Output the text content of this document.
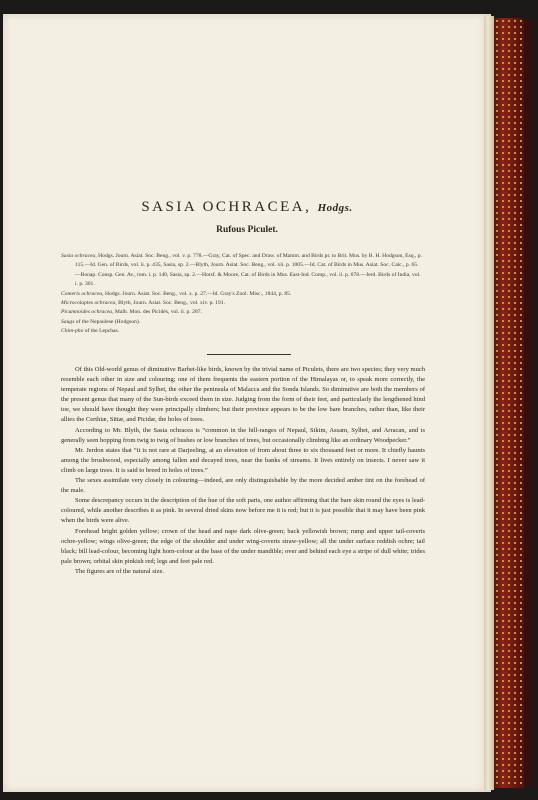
SASIA OCHRACEA, Hodgs.
Rufous Piculet.
Sasia ochracea, Hodgs. Journ. Asiat. Soc. Beng., vol. v. p. 778.—Gray, Cat. of Spec. and Draw. of Mamm. and Birds pr. to Brit. Mus. by B. H. Hodgson, Esq., p. 115.—Id. Gen. of Birds, vol. ii. p. 435, Sasia, sp. 2.—Blyth, Journ. Asiat. Soc. Beng., vol. xii. p. 1005.—Id. Cat. of Birds in Mus. Asiat. Soc. Calc., p. 65.—Bonap. Consp. Gen. Av., tom. i. p. 140, Sasia, sp. 2.—Horsf. & Moore, Cat. of Birds in Mus. East-Ind. Comp., vol. ii. p. 678.—Jerd. Birds of India, vol. i. p. 301.
Comeris ochracea, Hodgs. Journ. Asiat. Soc. Beng., vol. x. p. 27.—Id. Gray's Zool. Misc., 1844, p. 85.
Microcolaptes ochracea, Blyth, Journ. Asiat. Soc. Beng., vol. xiv. p. 191.
Picumnoides ochracea, Malh. Mon. des Picidés, vol. ii. p. 287.
Saugs of the Nepaulese (Hodgson).
Chim-pho of the Lepchas.

Of this Old-world genus of diminutive Barbet-like birds, known by the trivial name of Piculets, there are two species; they very much resemble each other in size and colouring; one of them frequents the eastern portion of the Himalayas or, to speak more correctly, the temperate regions of Nepaul and Sylhet, the other the peninsula of Malacca and the Sonda Islands. So diminutive are both the members of the present genus that many of the Sun-birds exceed them in size. Judging from the form of their feet, and particularly the lengthened hind toe, we should have thought they were principally climbers; but their province appears to be the low bare branches, rather than, like their allies the Certhiæ, Sittæ, and Picidæ, the boles of trees.

According to Mr. Blyth, the Sasia ochracea is “common in the hill-ranges of Nepaul, Sikim, Assam, Sylhet, and Arracan, and is generally seen hopping from twig to twig of bushes or low branches of trees, but occasionally climbing like an ordinary Woodpecker.”

Mr. Jerdon states that “it is not rare at Darjeeling, at an elevation of from about three to six thousand feet or more. It chiefly haunts among the brushwood, especially among fallen and decayed trees, near the banks of streams. It lives entirely on insects. I never saw it climb on large trees. It is said to breed in holes of trees.”

The sexes assimilate very closely in colouring—indeed, are only distinguishable by the more decided amber tint on the forehead of the male.

Some descrepancy occurs in the description of the hue of the soft parts, one author affirming that the bare skin round the eyes is lead-coloured, while another describes it as pink. In several dried skins now before me it is red; but it is just possible that it may have been pink when the birds were alive.

Forehead bright golden yellow; crown of the head and nape dark olive-green; back yellowish brown; rump and upper tail-coverts ochre-yellow; wings olive-green; the edge of the shoulder and under wing-coverts straw-yellow; all the under surface reddish ochre; tail black; bill lead-colour, becoming light horn-colour at the base of the under mandible; over and behind each eye a stripe of dull white; irides pale brown; orbital skin pinkish red; legs and feet pale red.

The figures are of the natural size.
